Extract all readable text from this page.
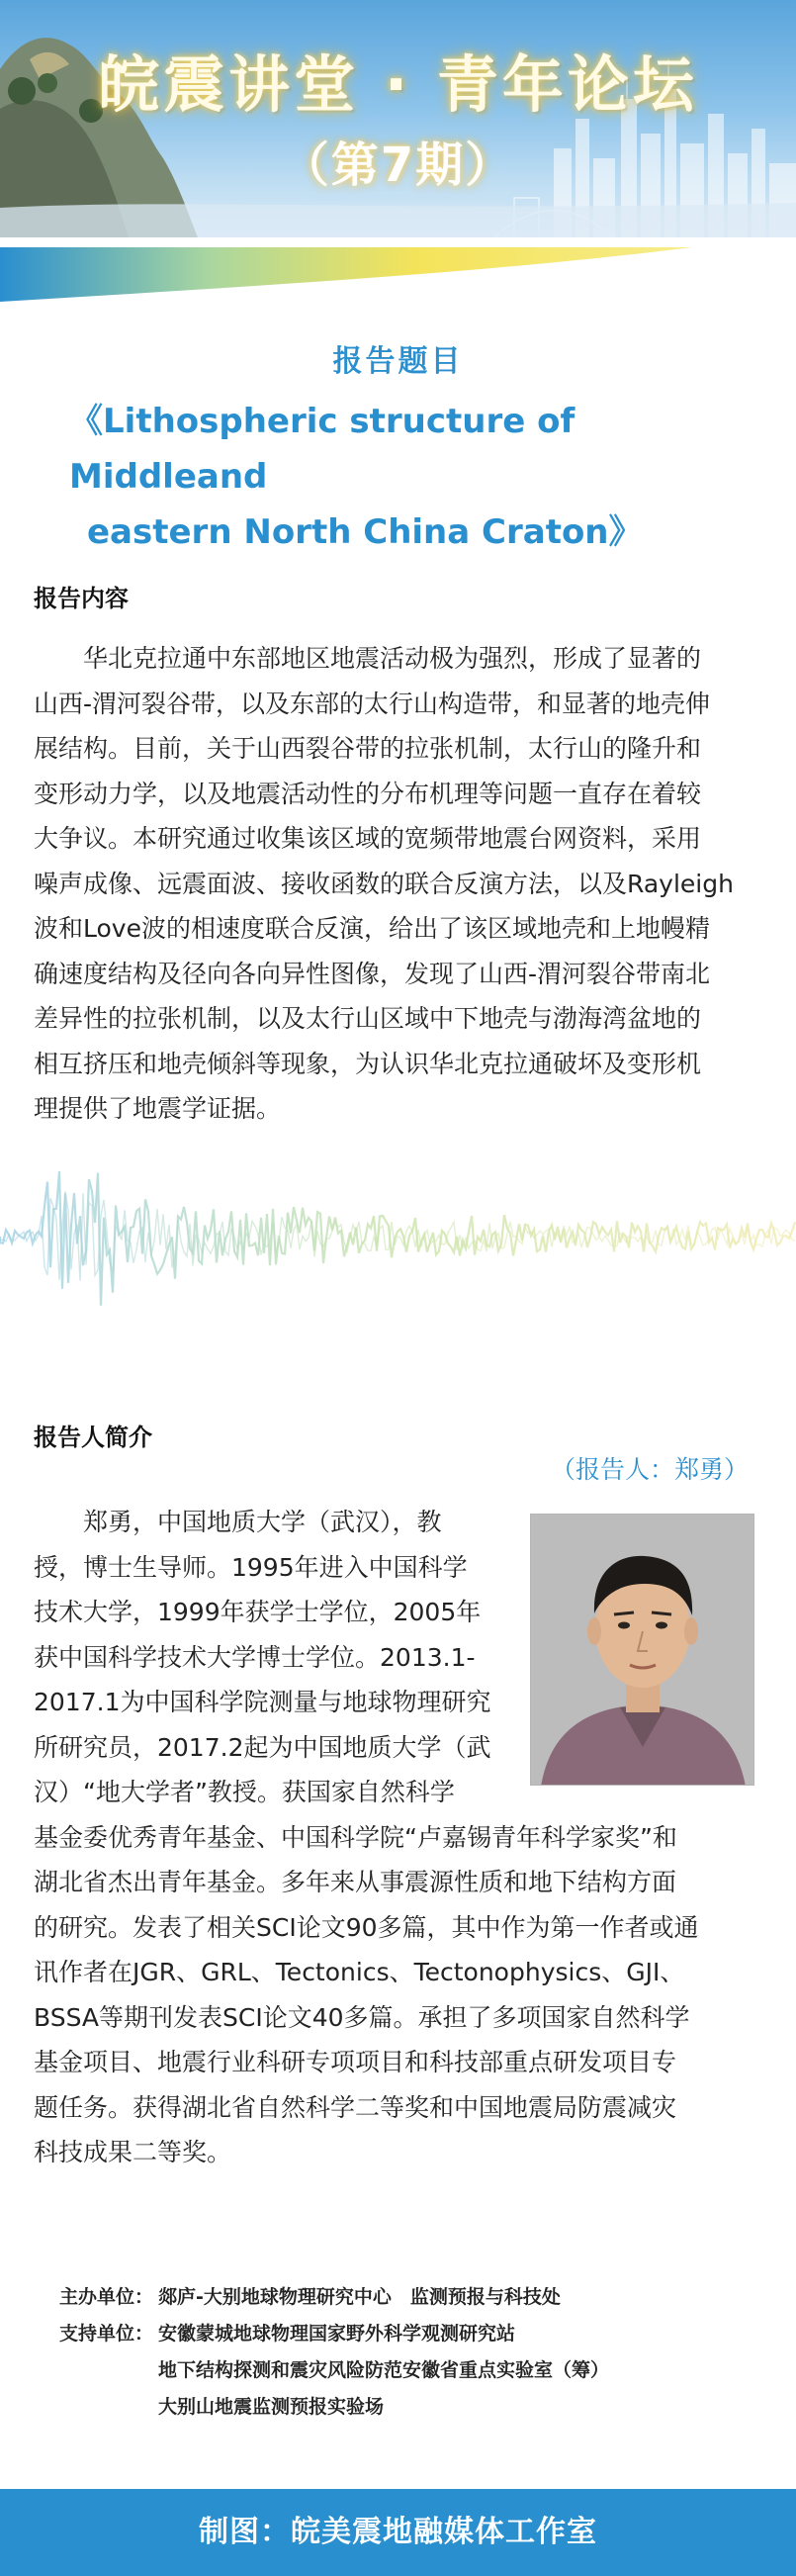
皖震讲堂 · 青年论坛
（第7期）
报告题目
《Lithospheric structure of Middleand
eastern North China Craton》
报告内容
华北克拉通中东部地区地震活动极为强烈，形成了显著的
山西-渭河裂谷带，以及东部的太行山构造带，和显著的地壳伸
展结构。目前，关于山西裂谷带的拉张机制，太行山的隆升和
变形动力学，以及地震活动性的分布机理等问题一直存在着较
大争议。本研究通过收集该区域的宽频带地震台网资料，采用
噪声成像、远震面波、接收函数的联合反演方法，以及Rayleigh
波和Love波的相速度联合反演，给出了该区域地壳和上地幔精
确速度结构及径向各向异性图像，发现了山西-渭河裂谷带南北
差异性的拉张机制，以及太行山区域中下地壳与渤海湾盆地的
相互挤压和地壳倾斜等现象，为认识华北克拉通破坏及变形机
理提供了地震学证据。
报告人简介
（报告人：郑勇）
郑勇，中国地质大学（武汉），教
授，博士生导师。1995年进入中国科学
技术大学，1999年获学士学位，2005年
获中国科学技术大学博士学位。2013.1-
2017.1为中国科学院测量与地球物理研究
所研究员，2017.2起为中国地质大学（武
汉）“地大学者”教授。获国家自然科学
基金委优秀青年基金、中国科学院“卢嘉锡青年科学家奖”和
湖北省杰出青年基金。多年来从事震源性质和地下结构方面
的研究。发表了相关SCI论文90多篇，其中作为第一作者或通
讯作者在JGR、GRL、Tectonics、Tectonophysics、GJI、
BSSA等期刊发表SCI论文40多篇。承担了多项国家自然科学
基金项目、地震行业科研专项项目和科技部重点研发项目专
题任务。获得湖北省自然科学二等奖和中国地震局防震减灾
科技成果二等奖。
主办单位： 郯庐-大别地球物理研究中心　监测预报与科技处
支持单位： 安徽蒙城地球物理国家野外科学观测研究站
地下结构探测和震灾风险防范安徽省重点实验室（筹）
大别山地震监测预报实验场
制图：皖美震地融媒体工作室
